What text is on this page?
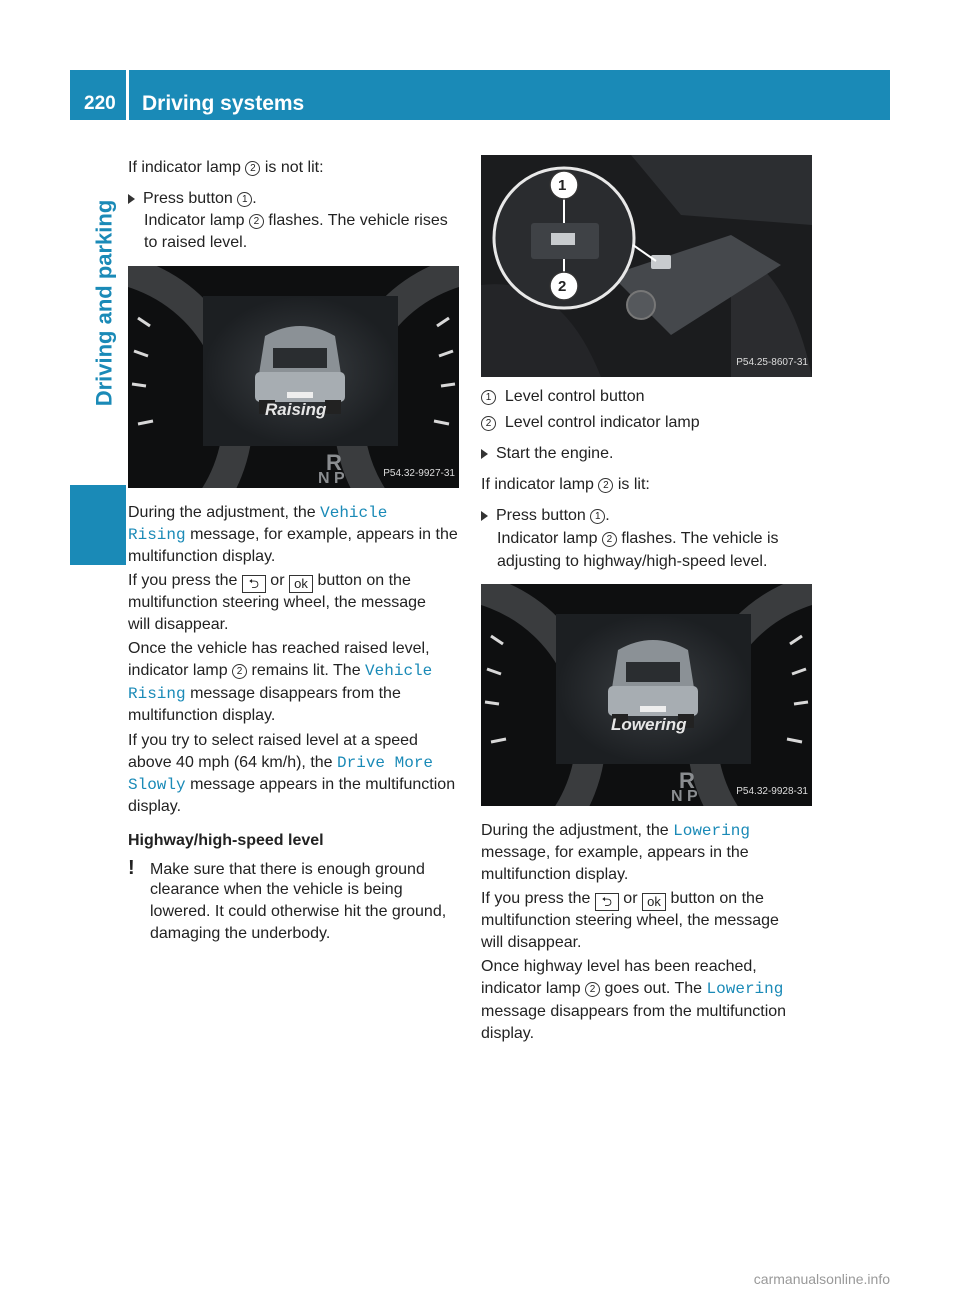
220	Driving systems
Driving and parking
If indicator lamp 2 is not lit:
Press button 1 .
Indicator lamp 2 flashes. The vehicle rises
to raised level.
Raising
R
N P	P54.32-9927-31
During the adjustment, the Vehicle
Rising message, for example, appears in the
multifunction display.
If you press the ⮌ or ok button on the
multifunction steering wheel, the message
will disappear.
Once the vehicle has reached raised level,
indicator lamp 2 remains lit. The Vehicle
Rising message disappears from the
multifunction display.
If you try to select raised level at a speed
above 40 mph (64 km/h), the Drive More
Slowly message appears in the multifunction
display.
Highway/high-speed level
! Make sure that there is enough ground
clearance when the vehicle is being
lowered. It could otherwise hit the ground,
damaging the underbody.
1
2
P54.25-8607-31
1 Level control button
2 Level control indicator lamp
Start the engine.
If indicator lamp 2 is lit:
Press button 1 .
Indicator lamp 2 flashes. The vehicle is
adjusting to highway/high-speed level.
Lowering
R
N P	P54.32-9928-31
During the adjustment, the Lowering
message, for example, appears in the
multifunction display.
If you press the ⮌ or ok button on the
multifunction steering wheel, the message
will disappear.
Once highway level has been reached,
indicator lamp 2 goes out. The Lowering
message disappears from the multifunction
display.
carmanualsonline.info
